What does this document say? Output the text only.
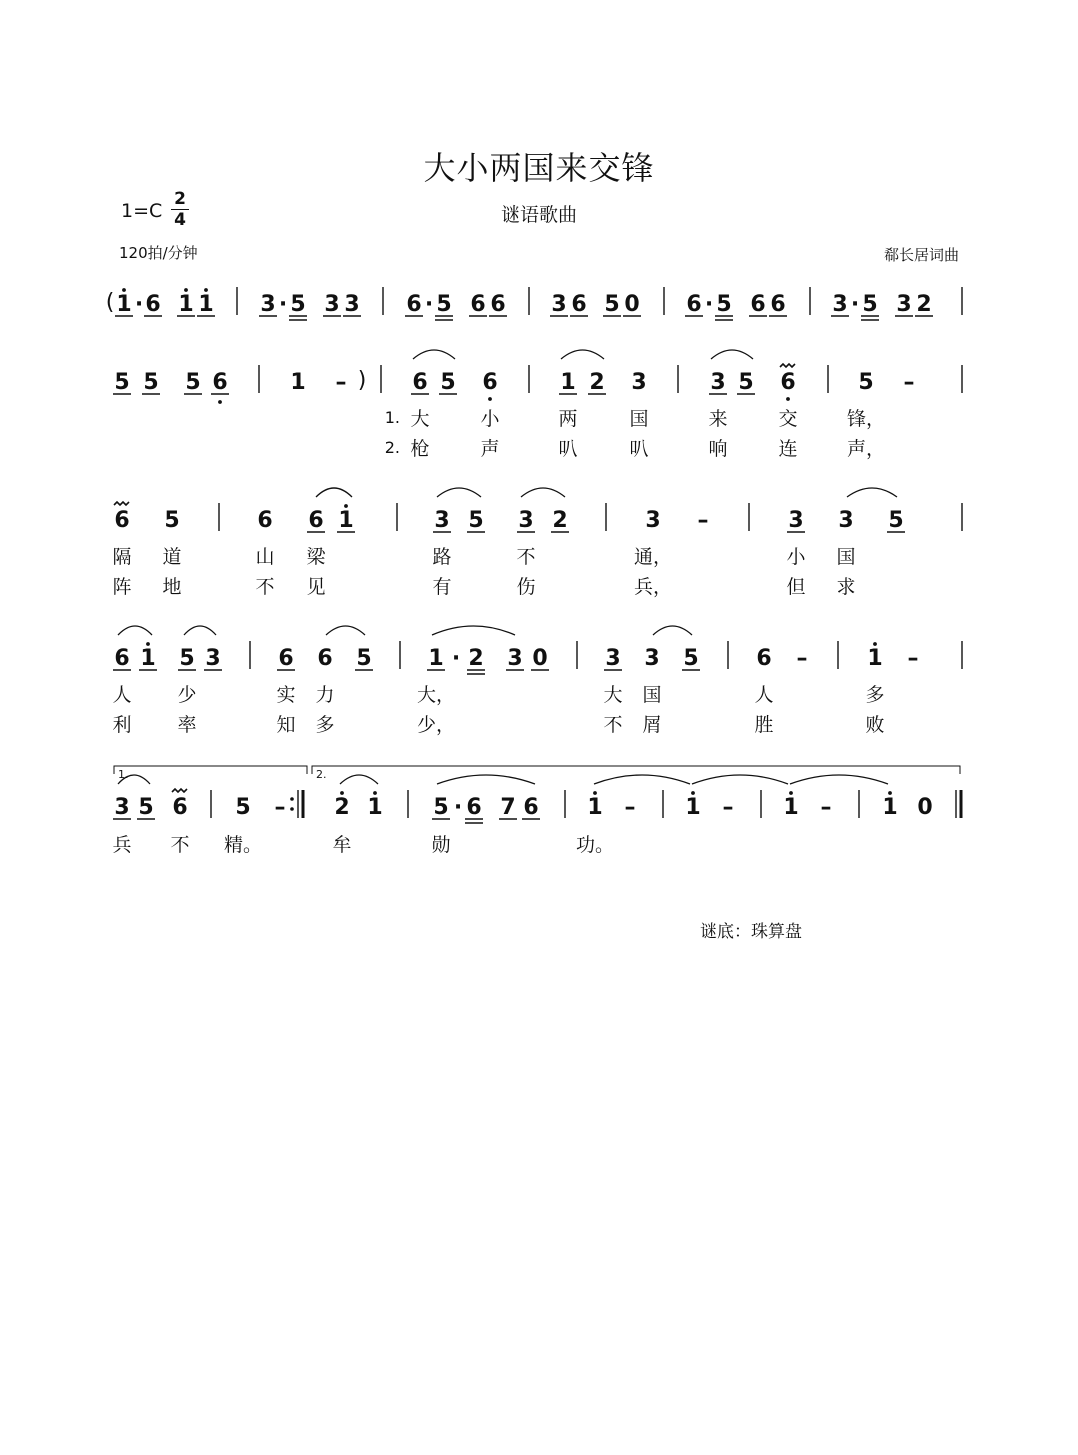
大小两国来交锋
谜语歌曲
1=C
2
4
120拍/分钟	郗长居词曲
1 · 6 1 1 3 · 5 3 3 6 · 5 6 6 3 6 5 0 6 · 5 6 6 3 · 5 3 2
(
5 5 5 6	1 –	6 5 6	1 2 3	3 5 6	5 –
)
大	小	两	国	来	交	锋，
枪	声	叭	叭	响	连	声，
6 5	6 6 1	3 5 3 2	3 –	3 3 5
隔 道	山 梁	路	不	通，	小 国
阵 地	不 见	有	伤	兵，	但 求
6 1 5 3	6 6 5	1 · 2 3 0	3 3 5	6 –	1 –
人 少	实 力	大，	大 国	人	多
利 率	知 多	少，	不 屑	胜	败
3 5 6 5 – 2 1 5 · 6 7 6 1 – 1 – 1 – 1 0
兵 不 精。	牟	勋	功。
1.
2.
1.	2.
谜底：珠算盘
